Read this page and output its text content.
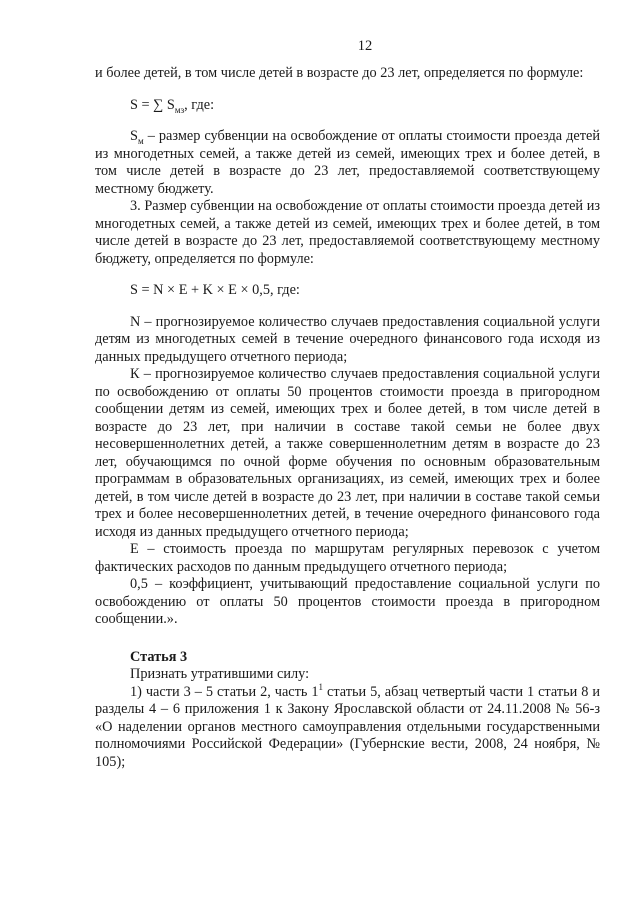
12

и более детей, в том числе детей в возрасте до 23 лет, определяется по формуле:

S = ∑ $S_{мз}$, где:

$S_м$ – размер субвенции на освобождение от оплаты стоимости проезда детей из многодетных семей, а также детей из семей, имеющих трех и более детей, в том числе детей в возрасте до 23 лет, предоставляемой соответствующему местному бюджету.

3. Размер субвенции на освобождение от оплаты стоимости проезда детей из многодетных семей, а также детей из семей, имеющих трех и более детей, в том числе детей в возрасте до 23 лет, предоставляемой соответствующему местному бюджету, определяется по формуле:

S = N × E + K × E × 0,5, где:

N – прогнозируемое количество случаев предоставления социальной услуги детям из многодетных семей в течение очередного финансового года исходя из данных предыдущего отчетного периода;

К – прогнозируемое количество случаев предоставления социальной услуги по освобождению от оплаты 50 процентов стоимости проезда в пригородном сообщении детям из семей, имеющих трех и более детей, в том числе детей в возрасте до 23 лет, при наличии в составе такой семьи не более двух несовершеннолетних детей, а также совершеннолетним детям в возрасте до 23 лет, обучающимся по очной форме обучения по основным образовательным программам в образовательных организациях, из семей, имеющих трех и более детей, в том числе детей в возрасте до 23 лет, при наличии в составе такой семьи трех и более несовершеннолетних детей, в течение очередного финансового года исходя из данных предыдущего отчетного периода;

Е – стоимость проезда по маршрутам регулярных перевозок с учетом фактических расходов по данным предыдущего отчетного периода;

0,5 – коэффициент, учитывающий предоставление социальной услуги по освобождению от оплаты 50 процентов стоимости проезда в пригородном сообщении.».

Статья 3

Признать утратившими силу:

1) части 3 – 5 статьи 2, часть $1^1$ статьи 5, абзац четвертый части 1 статьи 8 и разделы 4 – 6 приложения 1 к Закону Ярославской области от 24.11.2008 № 56-з «О наделении органов местного самоуправления отдельными государственными полномочиями Российской Федерации» (Губернские вести, 2008, 24 ноября, № 105);
